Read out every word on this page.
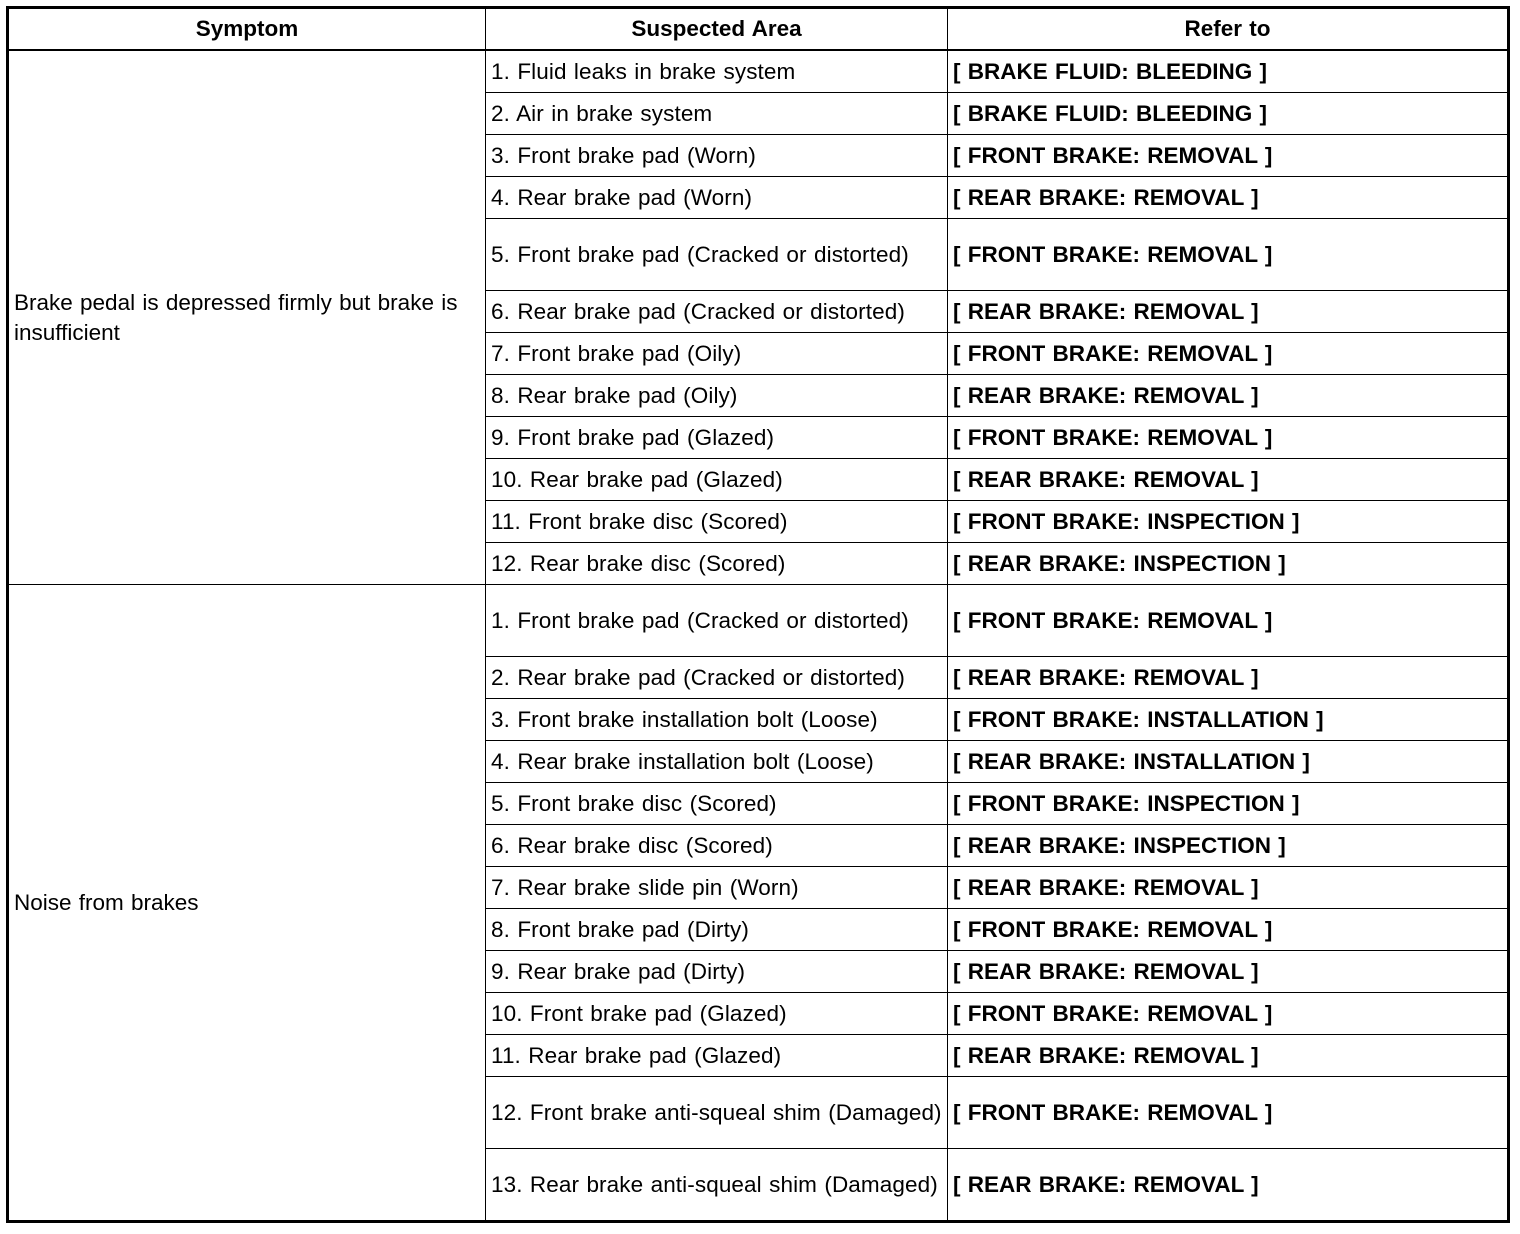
Symptom	Suspected Area	Refer to
Brake pedal is depressed firmly but brake is insufficient	1. Fluid leaks in brake system	[ BRAKE FLUID: BLEEDING ]
	2. Air in brake system	[ BRAKE FLUID: BLEEDING ]
	3. Front brake pad (Worn)	[ FRONT BRAKE: REMOVAL ]
	4. Rear brake pad (Worn)	[ REAR BRAKE: REMOVAL ]
	5. Front brake pad (Cracked or distorted)	[ FRONT BRAKE: REMOVAL ]
	6. Rear brake pad (Cracked or distorted)	[ REAR BRAKE: REMOVAL ]
	7. Front brake pad (Oily)	[ FRONT BRAKE: REMOVAL ]
	8. Rear brake pad (Oily)	[ REAR BRAKE: REMOVAL ]
	9. Front brake pad (Glazed)	[ FRONT BRAKE: REMOVAL ]
	10. Rear brake pad (Glazed)	[ REAR BRAKE: REMOVAL ]
	11. Front brake disc (Scored)	[ FRONT BRAKE: INSPECTION ]
	12. Rear brake disc (Scored)	[ REAR BRAKE: INSPECTION ]
Noise from brakes	1. Front brake pad (Cracked or distorted)	[ FRONT BRAKE: REMOVAL ]
	2. Rear brake pad (Cracked or distorted)	[ REAR BRAKE: REMOVAL ]
	3. Front brake installation bolt (Loose)	[ FRONT BRAKE: INSTALLATION ]
	4. Rear brake installation bolt (Loose)	[ REAR BRAKE: INSTALLATION ]
	5. Front brake disc (Scored)	[ FRONT BRAKE: INSPECTION ]
	6. Rear brake disc (Scored)	[ REAR BRAKE: INSPECTION ]
	7. Rear brake slide pin (Worn)	[ REAR BRAKE: REMOVAL ]
	8. Front brake pad (Dirty)	[ FRONT BRAKE: REMOVAL ]
	9. Rear brake pad (Dirty)	[ REAR BRAKE: REMOVAL ]
	10. Front brake pad (Glazed)	[ FRONT BRAKE: REMOVAL ]
	11. Rear brake pad (Glazed)	[ REAR BRAKE: REMOVAL ]
	12. Front brake anti-squeal shim (Damaged)	[ FRONT BRAKE: REMOVAL ]
	13. Rear brake anti-squeal shim (Damaged)	[ REAR BRAKE: REMOVAL ]
